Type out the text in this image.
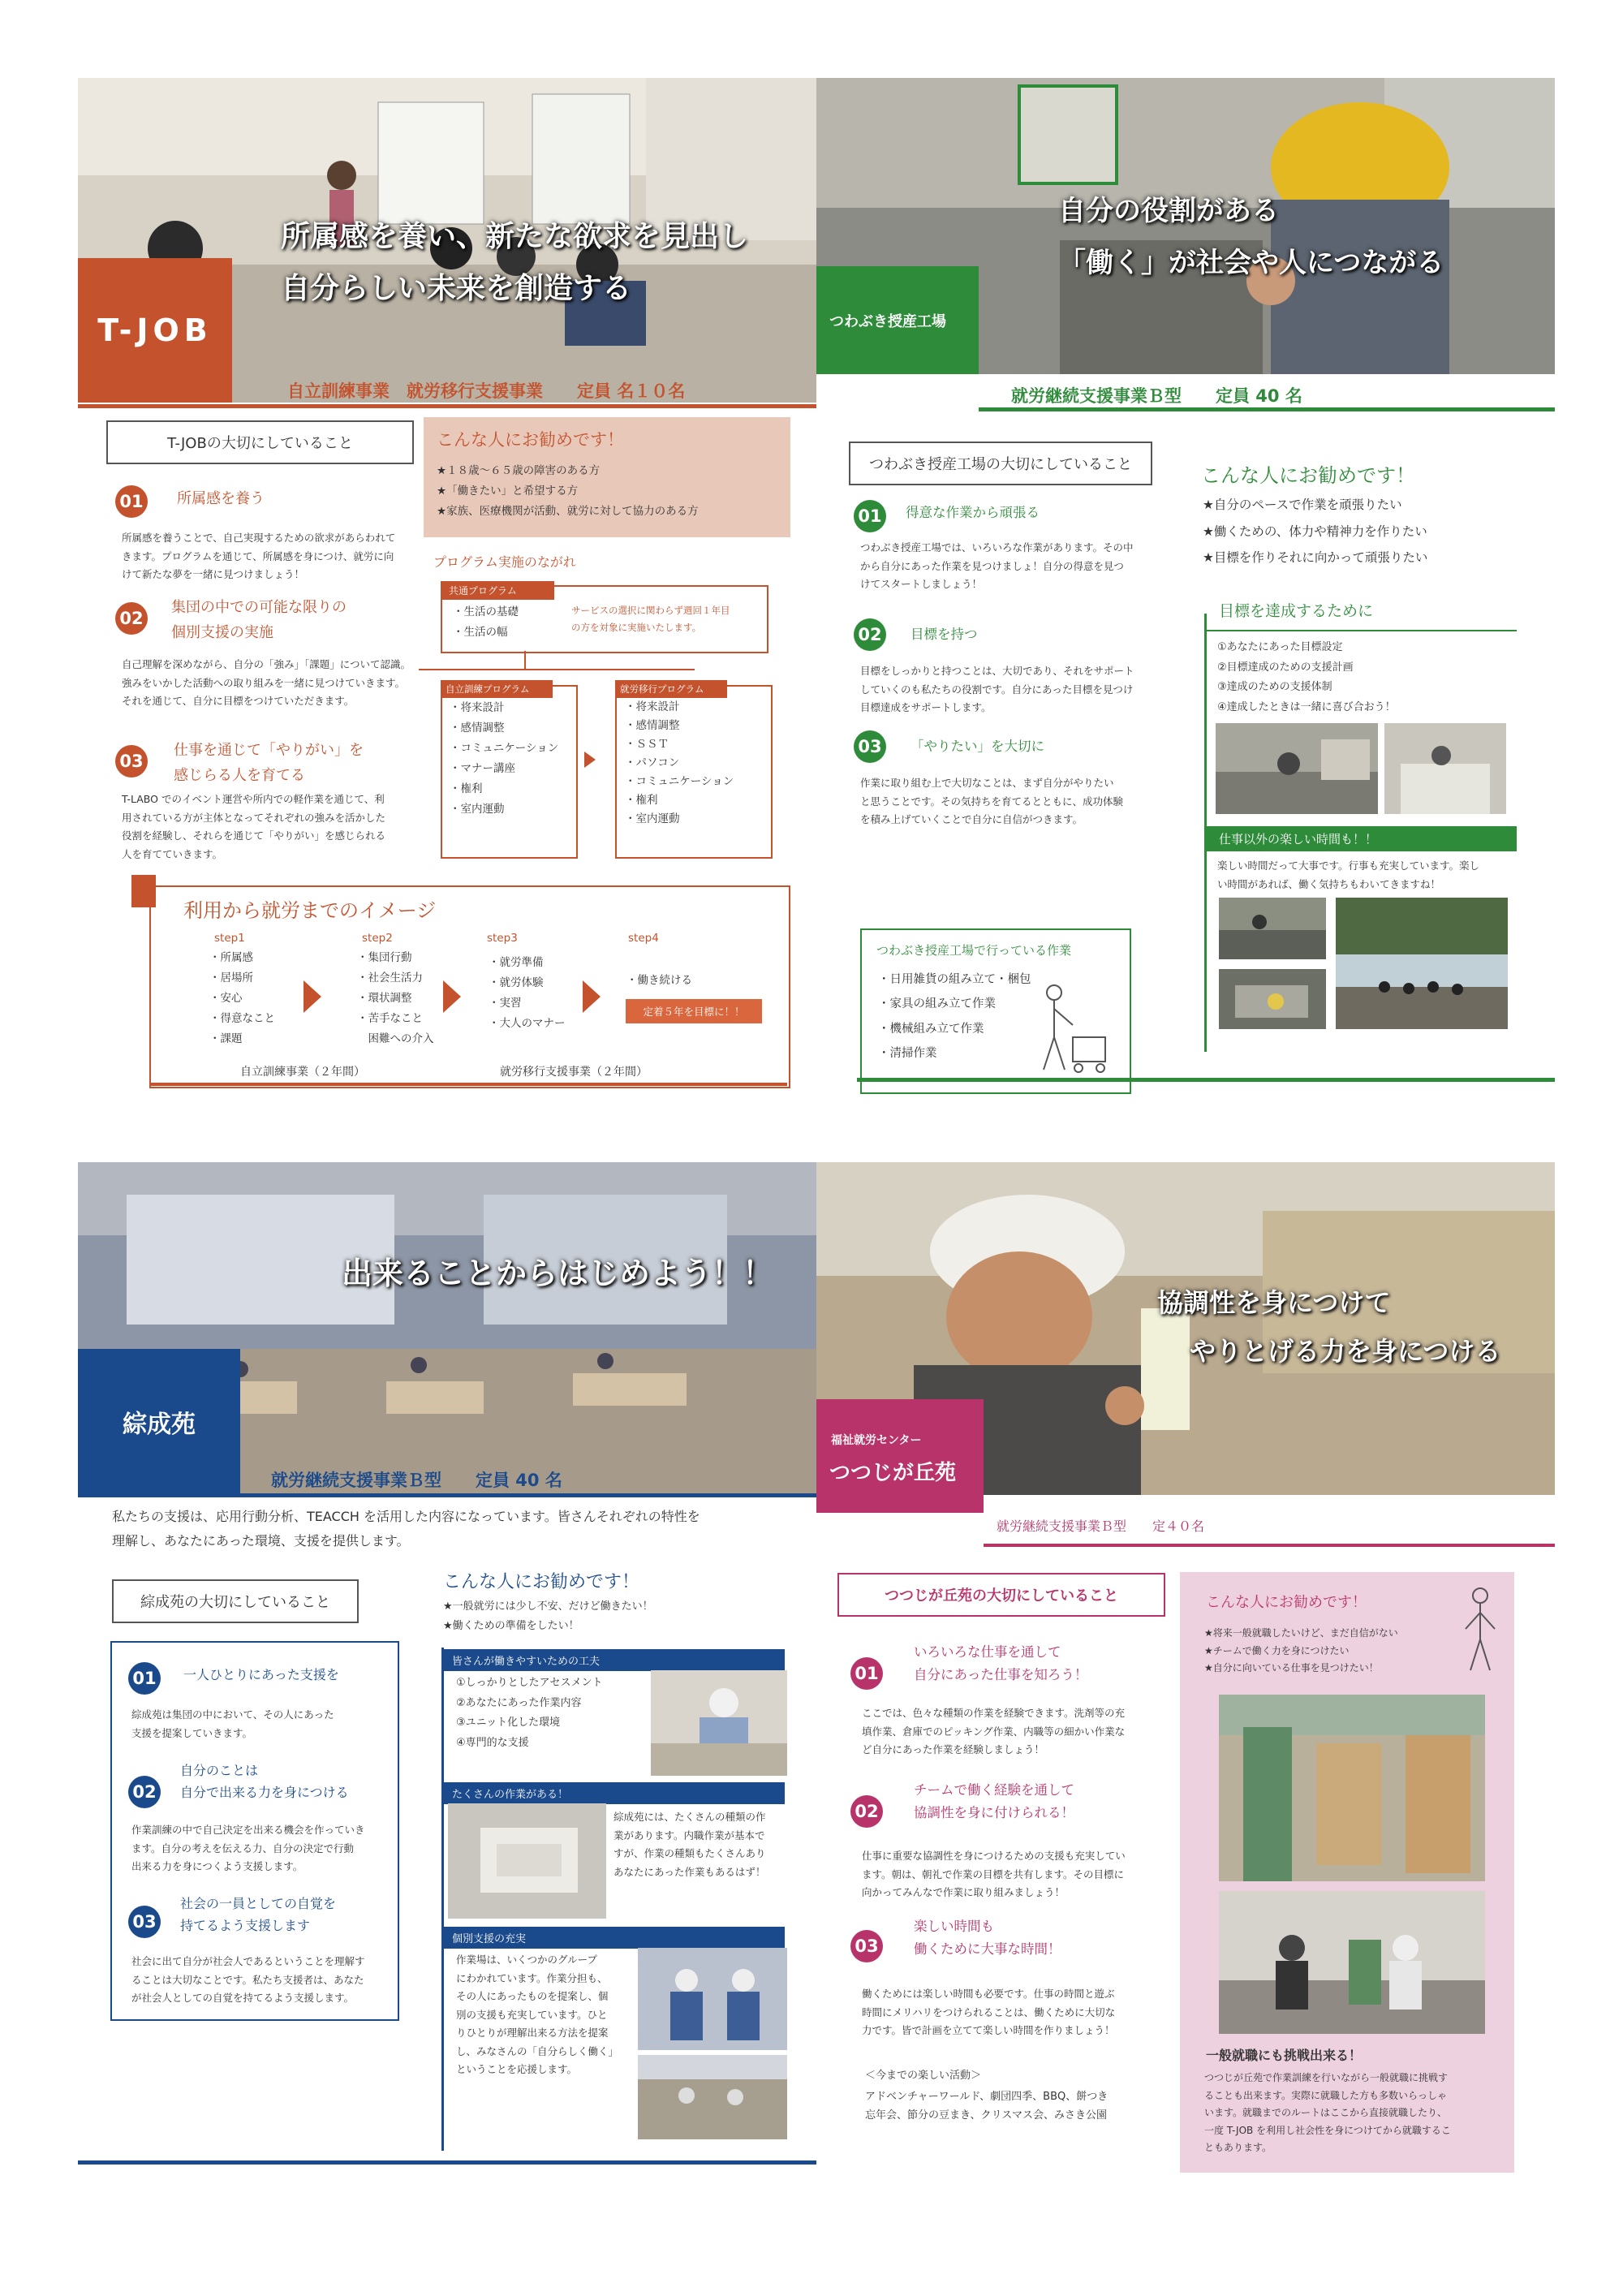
所属感を養い、新たな欲求を見出し
自分らしい未来を創造する
T-JOB
自立訓練事業　就労移行支援事業　　定員 名１０名
T-JOBの大切にしていること
01 所属感を養う
所属感を養うことで、自己実現するための欲求があらわれて
きます。プログラムを通じて、所属感を身につけ、就労に向
けて新たな夢を一緒に見つけましょう！
02
集団の中での可能な限りの
個別支援の実施
自己理解を深めながら、自分の「強み」「課題」について認識。
強みをいかした活動への取り組みを一緒に見つけていきます。
それを通じて、自分に目標をつけていただきます。
03
仕事を通じて「やりがい」を
感じらる人を育てる
T-LABO でのイベント運営や所内での軽作業を通じて、利
用されている方が主体となってそれぞれの強みを活かした
役割を経験し、それらを通じて「やりがい」を感じられる
人を育てていきます。
こんな人にお勧めです！
★１８歳～６５歳の障害のある方
★「働きたい」と希望する方
★家族、医療機関が活動、就労に対して協力のある方
プログラム実施のながれ
共通プログラム
・生活の基礎
・生活の幅
サービスの選択に関わらず週回１年目
の方を対象に実施いたします。
自立訓練プログラム
・将来設計
・感情調整
・コミュニケーション
・マナー講座
・権利
・室内運動
就労移行プログラム
・将来設計
・感情調整
・ＳＳＴ
・パソコン
・コミュニケーション
・権利
・室内運動
利用から就労までのイメージ
step1
・所属感
・居場所
・安心
・得意なこと
・課題
step2
・集団行動
・社会生活力
・環状調整
・苦手なこと
　困難への介入
step3
・就労準備
・就労体験
・実習
・大人のマナー
step4
・働き続ける
定着５年を目標に！！
自立訓練事業（２年間）	就労移行支援事業（２年間）
自分の役割がある
「働く」が社会や人につながる
つわぶき授産工場
就労継続支援事業Ｂ型　　定員 40 名
つわぶき授産工場の大切にしていること
01	得意な作業から頑張る
つわぶき授産工場では、いろいろな作業があります。その中
から自分にあった作業を見つけましょ！自分の得意を見つ
けてスタートしましょう！
02	目標を持つ
目標をしっかりと持つことは、大切であり、それをサポート
していくのも私たちの役割です。自分にあった目標を見つけ
目標達成をサポートします。
03	「やりたい」を大切に
作業に取り組む上で大切なことは、まず自分がやりたい
と思うことです。その気持ちを育てるとともに、成功体験
を積み上げていくことで自分に自信がつきます。
つわぶき授産工場で行っている作業
・日用雑貨の組み立て・梱包
・家具の組み立て作業
・機械組み立て作業
・清掃作業
こんな人にお勧めです！
★自分のペースで作業を頑張りたい
★働くための、体力や精神力を作りたい
★目標を作りそれに向かって頑張りたい
目標を達成するために
①あなたにあった目標設定
②目標達成のための支援計画
③達成のための支援体制
④達成したときは一緒に喜び合おう！
仕事以外の楽しい時間も！！
楽しい時間だって大事です。行事も充実しています。楽し
い時間があれば、働く気持ちもわいてきますね！
出来ることからはじめよう！！
綜成苑
就労継続支援事業Ｂ型　　定員 40 名
私たちの支援は、応用行動分析、TEACCH を活用した内容になっています。皆さんそれぞれの特性を
理解し、あなたにあった環境、支援を提供します。
綜成苑の大切にしていること
01	一人ひとりにあった支援を
綜成苑は集団の中において、その人にあった
支援を提案していきます。
02
自分のことは
自分で出来る力を身につける
作業訓練の中で自己決定を出来る機会を作っていき
ます。自分の考えを伝える力、自分の決定で行動
出来る力を身につくよう支援します。
03
社会の一員としての自覚を
持てるよう支援します
社会に出て自分が社会人であるということを理解す
ることは大切なことです。私たち支援者は、あなた
が社会人としての自覚を持てるよう支援します。
こんな人にお勧めです！
★一般就労には少し不安、だけど働きたい！
★働くための準備をしたい！
皆さんが働きやすいための工夫
①しっかりとしたアセスメント
②あなたにあった作業内容
③ユニット化した環境
④専門的な支援
たくさんの作業がある！
綜成苑には、たくさんの種類の作
業があります。内職作業が基本で
すが、作業の種類もたくさんあり
あなたにあった作業もあるはず！
個別支援の充実
作業場は、いくつかのグループ
にわかれています。作業分担も、
その人にあったものを提案し、個
別の支援も充実しています。ひと
りひとりが理解出来る方法を提案
し、みなさんの「自分らしく働く」
ということを応援します。
協調性を身につけて
やりとげる力を身につける
福祉就労センター
つつじが丘苑
就労継続支援事業Ｂ型　　定４０名
つつじが丘苑の大切にしていること
01
いろいろな仕事を通して
自分にあった仕事を知ろう！
ここでは、色々な種類の作業を経験できます。洗剤等の充
填作業、倉庫でのピッキング作業、内職等の細かい作業な
ど自分にあった作業を経験しましょう！
02
チームで働く経験を通して
協調性を身に付けられる！
仕事に重要な協調性を身につけるための支援も充実してい
ます。朝は、朝礼で作業の目標を共有します。その目標に
向かってみんなで作業に取り組みましょう！
03
楽しい時間も
働くために大事な時間！
働くためには楽しい時間も必要です。仕事の時間と遊ぶ
時間にメリハリをつけられることは、働くために大切な
力です。皆で計画を立てて楽しい時間を作りましょう！
＜今までの楽しい活動＞
アドベンチャーワールド、劇団四季、BBQ、餅つき
忘年会、節分の豆まき、クリスマス会、みさき公園
こんな人にお勧めです！
★将来一般就職したいけど、まだ自信がない
★チームで働く力を身につけたい
★自分に向いている仕事を見つけたい！
一般就職にも挑戦出来る！
つつじが丘苑で作業訓練を行いながら一般就職に挑戦す
ることも出来ます。実際に就職した方も多数いらっしゃ
います。就職までのルートはここから直接就職したり、
一度 T-JOB を利用し社会性を身につけてから就職するこ
ともあります。
